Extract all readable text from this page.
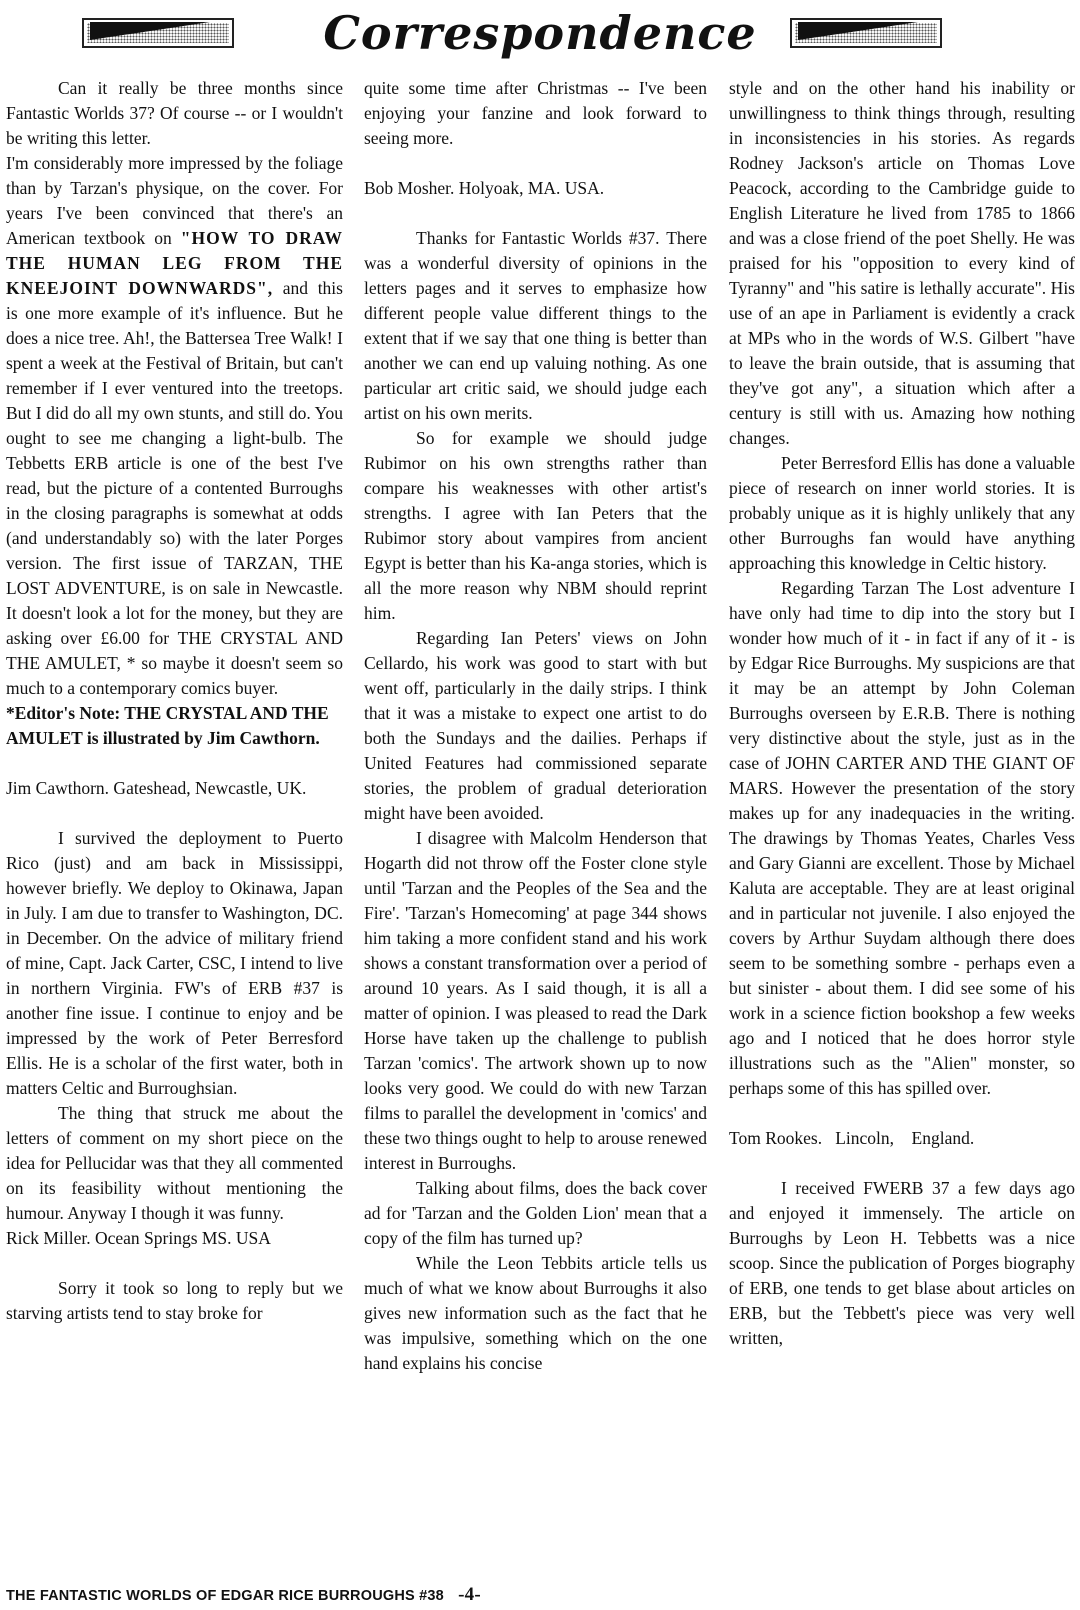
Correspondence

Can it really be three months since Fantastic Worlds 37? Of course -- or I wouldn't be writing this letter.

I'm considerably more impressed by the foliage than by Tarzan's physique, on the cover. For years I've been convinced that there's an American textbook on "HOW TO DRAW THE HUMAN LEG FROM THE KNEEJOINT DOWNWARDS", and this is one more example of it's influence. But he does a nice tree. Ah!, the Battersea Tree Walk! I spent a week at the Festival of Britain, but can't remember if I ever ventured into the treetops. But I did do all my own stunts, and still do. You ought to see me changing a light-bulb. The Tebbetts ERB article is one of the best I've read, but the picture of a contented Burroughs in the closing paragraphs is somewhat at odds (and understandably so) with the later Porges version. The first issue of TARZAN, THE LOST ADVENTURE, is on sale in Newcastle. It doesn't look a lot for the money, but they are asking over £6.00 for THE CRYSTAL AND THE AMULET, * so maybe it doesn't seem so much to a contemporary comics buyer.

*Editor's Note: THE CRYSTAL AND THE AMULET is illustrated by Jim Cawthorn.

Jim Cawthorn. Gateshead, Newcastle, UK.

I survived the deployment to Puerto Rico (just) and am back in Mississippi, however briefly. We deploy to Okinawa, Japan in July. I am due to transfer to Washington, DC. in December. On the advice of military friend of mine, Capt. Jack Carter, CSC, I intend to live in northern Virginia. FW's of ERB #37 is another fine issue. I continue to enjoy and be impressed by the work of Peter Berresford Ellis. He is a scholar of the first water, both in matters Celtic and Burroughsian.

The thing that struck me about the letters of comment on my short piece on the idea for Pellucidar was that they all commented on its feasibility without mentioning the humour. Anyway I though it was funny.

Rick Miller. Ocean Springs MS. USA

Sorry it took so long to reply but we starving artists tend to stay broke for

quite some time after Christmas -- I've been enjoying your fanzine and look forward to seeing more.

Bob Mosher. Holyoak, MA. USA.

Thanks for Fantastic Worlds #37. There was a wonderful diversity of opinions in the letters pages and it serves to emphasize how different people value different things to the extent that if we say that one thing is better than another we can end up valuing nothing. As one particular art critic said, we should judge each artist on his own merits.

So for example we should judge Rubimor on his own strengths rather than compare his weaknesses with other artist's strengths. I agree with Ian Peters that the Rubimor story about vampires from ancient Egypt is better than his Ka-anga stories, which is all the more reason why NBM should reprint him.

Regarding Ian Peters' views on John Cellardo, his work was good to start with but went off, particularly in the daily strips. I think that it was a mistake to expect one artist to do both the Sundays and the dailies. Perhaps if United Features had commissioned separate stories, the problem of gradual deterioration might have been avoided.

I disagree with Malcolm Henderson that Hogarth did not throw off the Foster clone style until 'Tarzan and the Peoples of the Sea and the Fire'. 'Tarzan's Homecoming' at page 344 shows him taking a more confident stand and his work shows a constant transformation over a period of around 10 years. As I said though, it is all a matter of opinion. I was pleased to read the Dark Horse have taken up the challenge to publish Tarzan 'comics'. The artwork shown up to now looks very good. We could do with new Tarzan films to parallel the development in 'comics' and these two things ought to help to arouse renewed interest in Burroughs.

Talking about films, does the back cover ad for 'Tarzan and the Golden Lion' mean that a copy of the film has turned up?

While the Leon Tebbits article tells us much of what we know about Burroughs it also gives new information such as the fact that he was impulsive, something which on the one hand explains his concise

style and on the other hand his inability or unwillingness to think things through, resulting in inconsistencies in his stories. As regards Rodney Jackson's article on Thomas Love Peacock, according to the Cambridge guide to English Literature he lived from 1785 to 1866 and was a close friend of the poet Shelly. He was praised for his "opposition to every kind of Tyranny" and "his satire is lethally accurate". His use of an ape in Parliament is evidently a crack at MPs who in the words of W.S. Gilbert "have to leave the brain outside, that is assuming that they've got any", a situation which after a century is still with us. Amazing how nothing changes.

Peter Berresford Ellis has done a valuable piece of research on inner world stories. It is probably unique as it is highly unlikely that any other Burroughs fan would have anything approaching this knowledge in Celtic history.

Regarding Tarzan The Lost adventure I have only had time to dip into the story but I wonder how much of it - in fact if any of it - is by Edgar Rice Burroughs. My suspicions are that it may be an attempt by John Coleman Burroughs overseen by E.R.B. There is nothing very distinctive about the style, just as in the case of JOHN CARTER AND THE GIANT OF MARS. However the presentation of the story makes up for any inadequacies in the writing. The drawings by Thomas Yeates, Charles Vess and Gary Gianni are excellent. Those by Michael Kaluta are acceptable. They are at least original and in particular not juvenile. I also enjoyed the covers by Arthur Suydam although there does seem to be something sombre - perhaps even a but sinister - about them. I did see some of his work in a science fiction bookshop a few weeks ago and I noticed that he does horror style illustrations such as the "Alien" monster, so perhaps some of this has spilled over.

Tom Rookes.   Lincoln,    England.

I received FWERB 37 a few days ago and enjoyed it immensely. The article on Burroughs by Leon H. Tebbetts was a nice scoop. Since the publication of Porges biography of ERB, one tends to get blase about articles on ERB, but the Tebbett's piece was very well written,

THE FANTASTIC WORLDS OF EDGAR RICE BURROUGHS #38 -4-
